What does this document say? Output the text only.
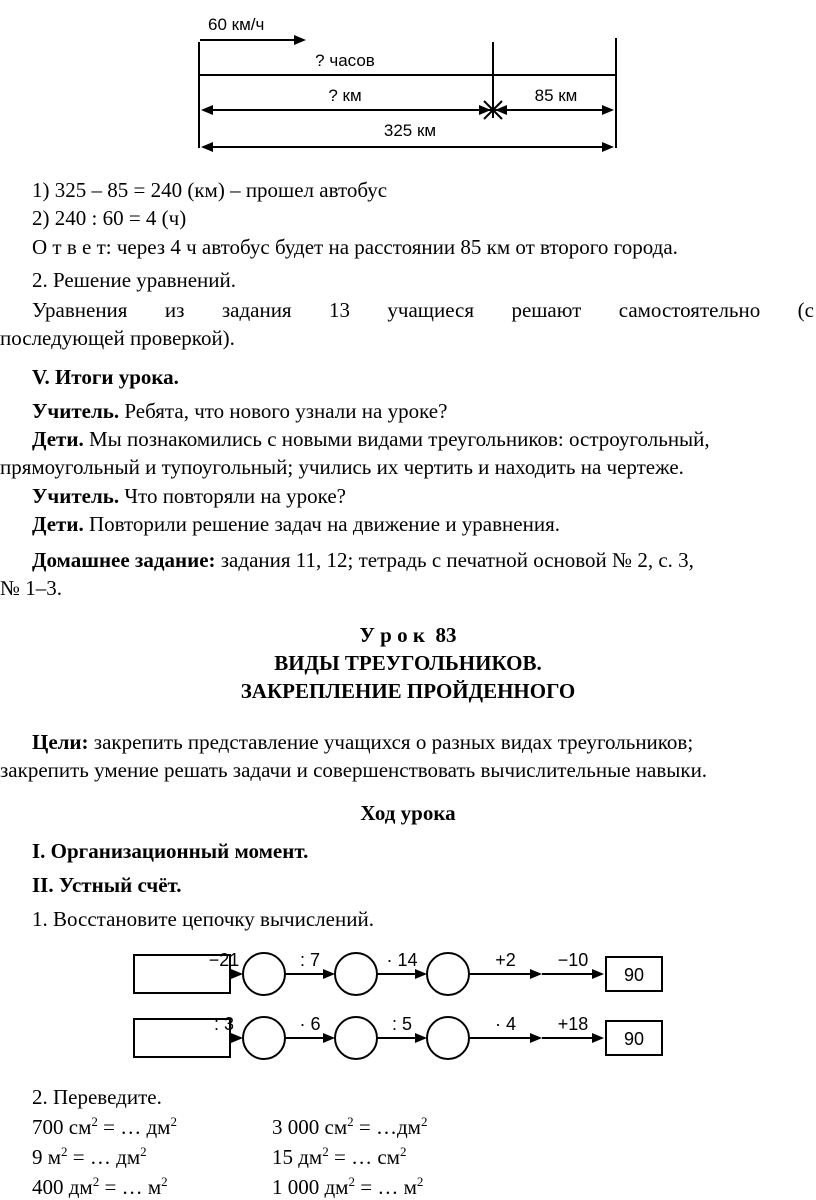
60 км/ч
? часов
? км	85 км
325 км
1) 325 – 85 = 240 (км) – прошел автобус
2) 240 : 60 = 4 (ч)
О т в е т: через 4 ч автобус будет на расстоянии 85 км от второго города.
2. Решение уравнений.
Уравнения из задания 13 учащиеся решают самостоятельно (с
последующей проверкой).
V. Итоги урока.
Учитель. Ребята, что нового узнали на уроке?
Дети. Мы познакомились с новыми видами треугольников: остроугольный,
прямоугольный и тупоугольный; учились их чертить и находить на чертеже.
Учитель. Что повторяли на уроке?
Дети. Повторили решение задач на движение и уравнения.
Домашнее задание: задания 11, 12; тетрадь с печатной основой № 2, с. 3,
№ 1–3.
У р о к  83
ВИДЫ ТРЕУГОЛЬНИКОВ.
ЗАКРЕПЛЕНИЕ ПРОЙДЕННОГО
Цели: закрепить представление учащихся о разных видах треугольников;
закрепить умение решать задачи и совершенствовать вычислительные навыки.
Ход урока
I. Организационный момент.
II. Устный счёт.
1. Восстановите цепочку вычислений.
90
−21	: 7	· 14	+2 −10
90
: 3	· 6	: 5	· 4 +18
2. Переведите.
700 $см^2$ = … $дм^2$	3 000 $см^2$ = $\dots дм^2$
9 $м^2$ = … $дм^2$	15 $дм^2$ = … $см^2$
400 $дм^2$ = … $м^2$	1 000 $дм^2$ = … $м^2$
